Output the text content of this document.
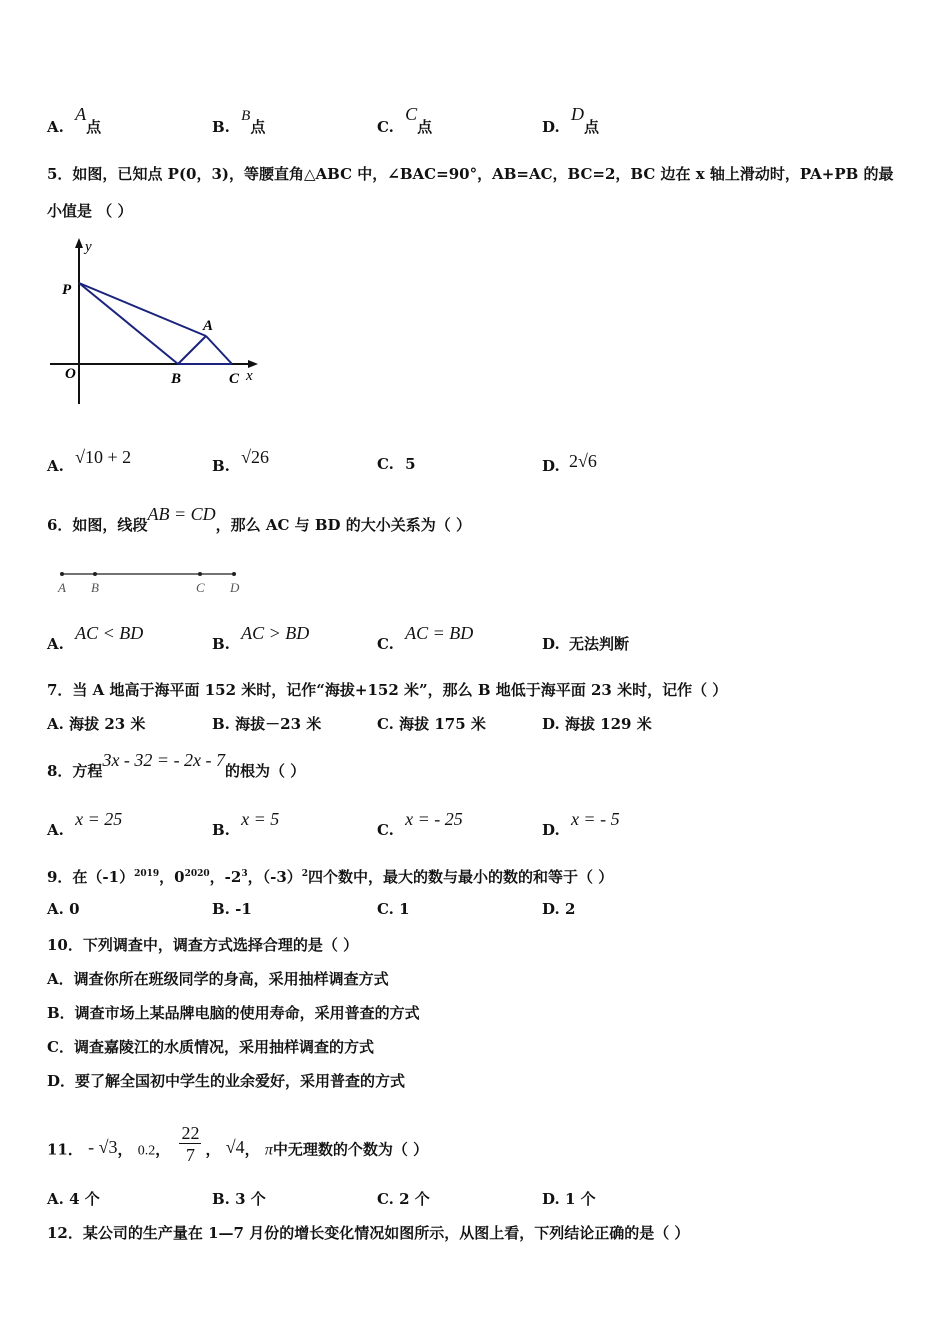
A. A点	B. B点	C. C点	D. D点
5．如图，已知点 P(0，3)，等腰直角△ABC 中，∠BAC=90°，AB=AC，BC=2，BC 边在 x 轴上滑动时，PA+PB 的最
小值是 （ ）
y
P
A
O	B	C x
A. √10 + 2	B. √26	C. 5	D. 2√6
6．如图，线段AB = CD，那么 AC 与 BD 的大小关系为（ ）
A B	C D
A. AC < BD
B. AC > BD
C. AC = BD
D. 无法判断
7．当 A 地高于海平面 152 米时，记作“海拔+152 米”，那么 B 地低于海平面 23 米时，记作（ ）
A. 海拔 23 米	B. 海拔－23 米	C. 海拔 175 米	D. 海拔 129 米
8．方程3x - 32 = - 2x - 7的根为（ ）
A. x = 25
B. x = 5
C. x = - 25
D. x = - 5
9．在$(-1)^{2019}$，$0^{2020}$，$-2^3$，$(-3)^2$四个数中，最大的数与最小的数的和等于（ ）
A. 0	B. -1	C. 1	D. 2
10．下列调查中，调查方式选择合理的是（ ）
A．调查你所在班级同学的身高，采用抽样调查方式
B．调查市场上某品牌电脑的使用寿命，采用普查的方式
C．调查嘉陵江的水质情况，采用抽样调查的方式
D．要了解全国初中学生的业余爱好，采用普查的方式
11． - √3， 0.2， $\frac{22}{7}$ ， √4， π中无理数的个数为（ ）
A. 4 个	B. 3 个	C. 2 个	D. 1 个
12．某公司的生产量在 1—7 月份的增长变化情况如图所示，从图上看，下列结论正确的是（ ）
